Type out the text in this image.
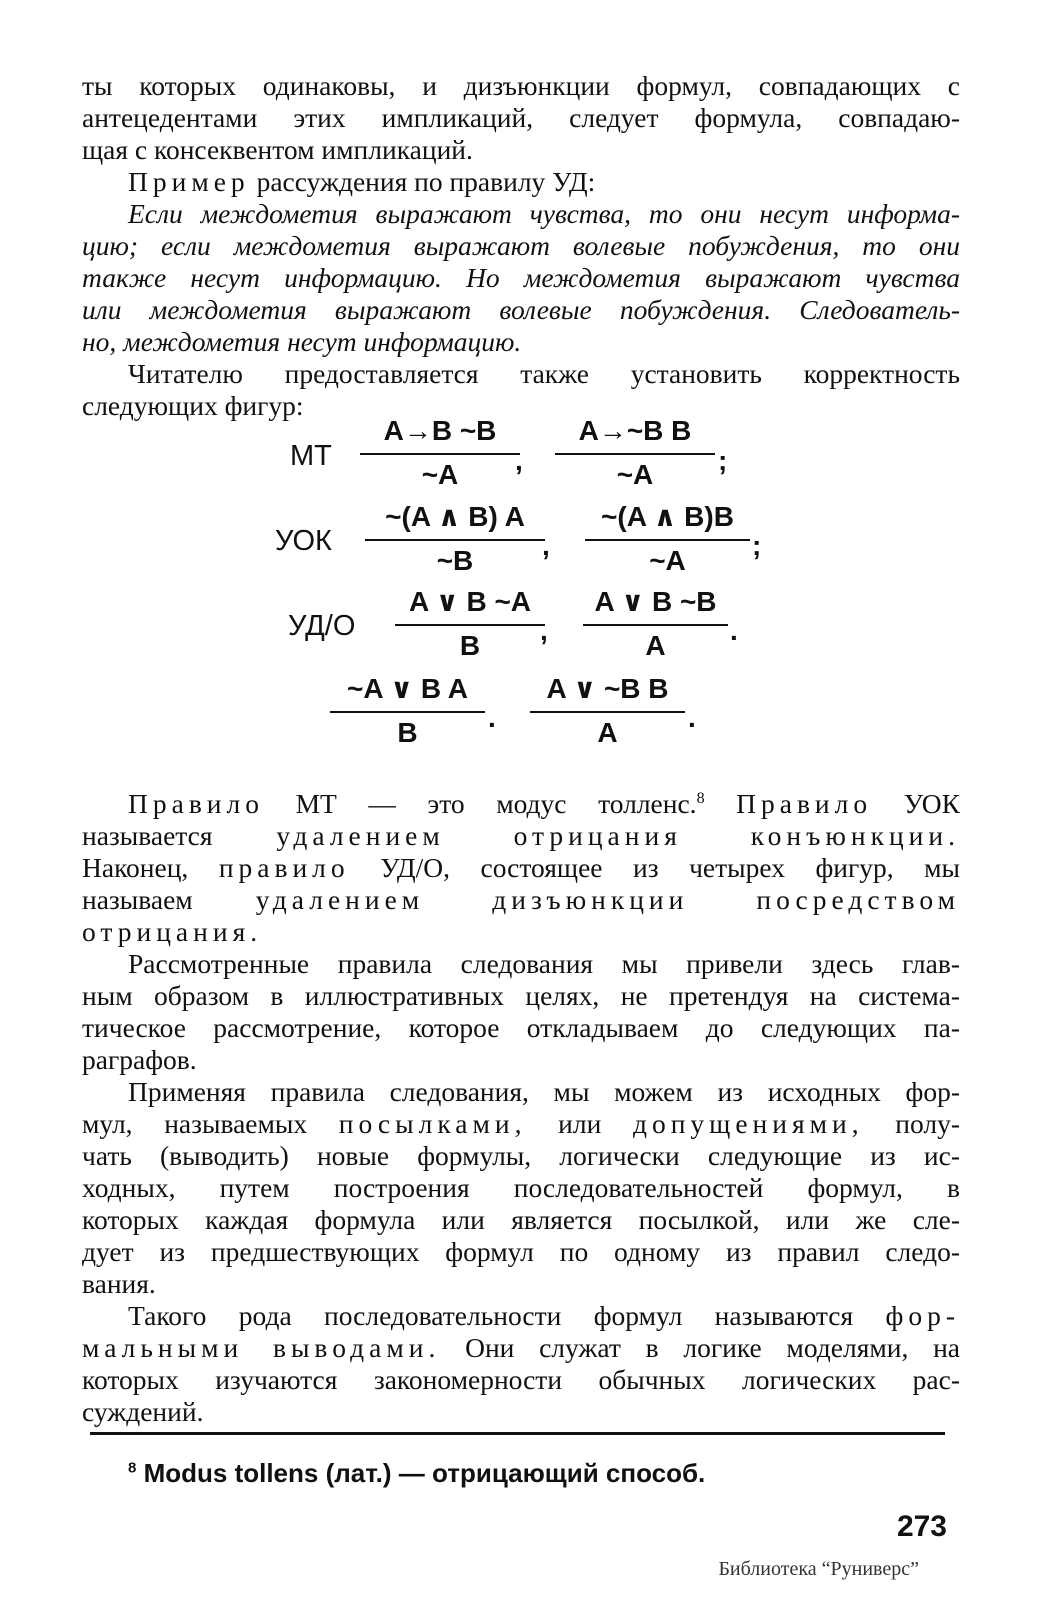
ты которых одинаковы, и дизъюнкции формул, совпадающих с
антецедентами этих импликаций, следует формула, совпадаю-
щая с консеквентом импликаций.
Пример рассуждения по правилу УД:
Если междометия выражают чувства, то они несут информа-
цию; если междометия выражают волевые побуждения, то они
также несут информацию. Но междометия выражают чувства
или междометия выражают волевые побуждения. Следователь-
но, междометия несут информацию.
Читателю предоставляется также установить корректность
следующих фигур:
МТ
A→B ~B
~A	,
A→~B B
~A	;
УОК
~(A ∧ B) A
~B	,
~(A ∧ B)B
~A	;
УД/О
A ∨ B ~A
B	,
A ∨ B ~B
A	.
~A ∨ B A
B	.
A ∨ ~B B
A	.
Правило МТ — это модус толленс.$^8$ Правило УОК
называется удалением отрицания конъюнкции.
Наконец, правило УД/О, состоящее из четырех фигур, мы
называем удалением дизъюнкции посредством
отрицания.
Рассмотренные правила следования мы привели здесь глав-
ным образом в иллюстративных целях, не претендуя на система-
тическое рассмотрение, которое откладываем до следующих па-
раграфов.
Применяя правила следования, мы можем из исходных фор-
мул, называемых посылками, или допущениями, полу-
чать (выводить) новые формулы, логически следующие из ис-
ходных, путем построения последовательностей формул, в
которых каждая формула или является посылкой, или же сле-
дует из предшествующих формул по одному из правил следо-
вания.
Такого рода последовательности формул называются фор-
мальными выводами. Они служат в логике моделями, на
которых изучаются закономерности обычных логических рас-
суждений.
$^8$ Modus tollens (лат.) — отрицающий способ.
273
Библиотека “Руниверс”
